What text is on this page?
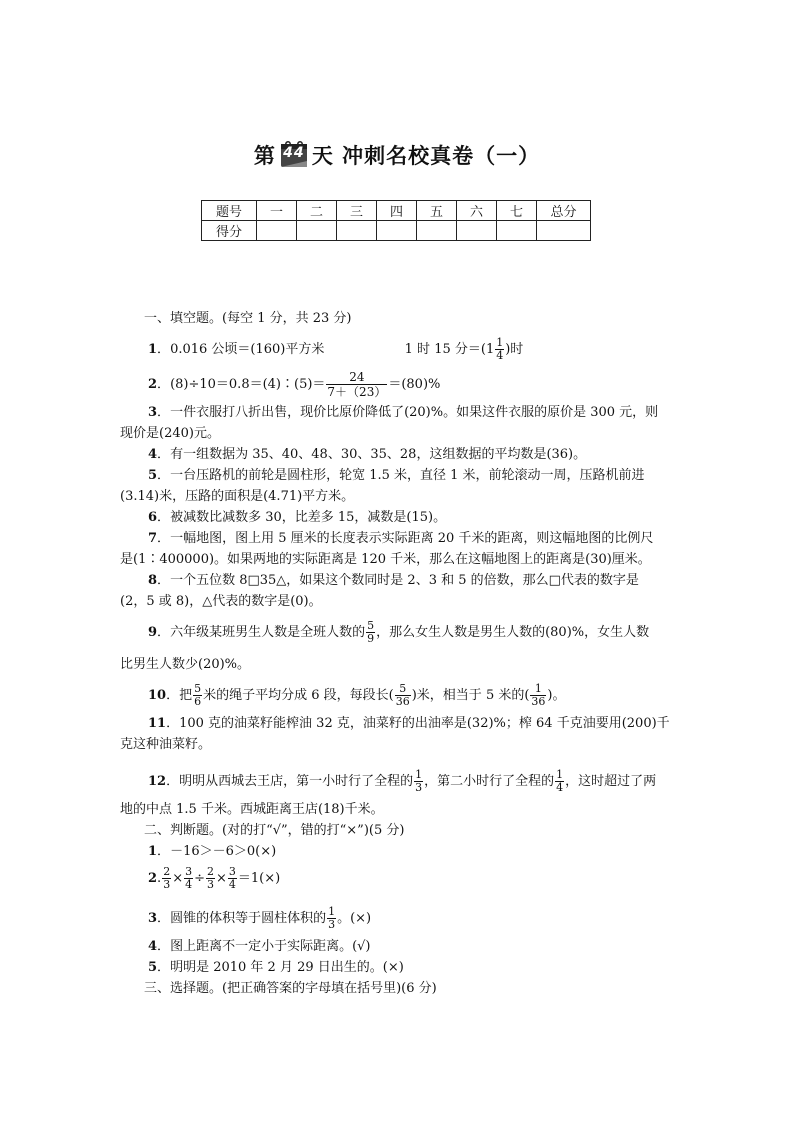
第 44 天 冲刺名校真卷（一）
题号	一	二	三	四	五	六	七	总分
得分								
一、填空题。(每空 1 分，共 23 分)
1．0.016 公顷＝(160)平方米	1 时 15 分$=(1 \frac{1}{4}$ )时
2．(8)÷10＝0.8＝(4)∶(5)＝ $\frac{24}{7+(23)} =(80)\%$
3．一件衣服打八折出售，现价比原价降低了(20)%。如果这件衣服的原价是 300 元，则
现价是(240)元。
4．有一组数据为 35、40、48、30、35、28，这组数据的平均数是(36)。
5．一台压路机的前轮是圆柱形，轮宽 1.5 米，直径 1 米，前轮滚动一周，压路机前进
(3.14)米，压路的面积是(4.71)平方米。
6．被减数比减数多 30，比差多 15，减数是(15)。
7．一幅地图，图上用 5 厘米的长度表示实际距离 20 千米的距离，则这幅地图的比例尺
是(1∶400000)。如果两地的实际距离是 120 千米，那么在这幅地图上的距离是(30)厘米。
8．一个五位数 8□35△，如果这个数同时是 2、3 和 5 的倍数，那么□代表的数字是
(2，5 或 8)，△代表的数字是(0)。
9．六年级某班男生人数是全班人数的 $\frac{5}{9}$ ，那么女生人数是男生人数的(80)%，女生人数
比男生人数少(20)%。
10．把 $\frac{5}{6}$ 米的绳子平均分成 6 段，每段长( $\frac{5}{36}$ )米，相当于 5 米的( $\frac{1}{36}$ )。
11．100 克的油菜籽能榨油 32 克，油菜籽的出油率是(32)%；榨 64 千克油要用(200)千
克这种油菜籽。
12．明明从西城去王店，第一小时行了全程的 $\frac{1}{3}$ ，第二小时行了全程的 $\frac{1}{4}$ ，这时超过了两
地的中点 1.5 千米。西城距离王店(18)千米。
二、判断题。(对的打“√”，错的打“×”)(5 分)
1．－16＞－6＞0(×)
2. $\frac{2}{3} \times \frac{3}{4} \div \frac{2}{3} \times \frac{3}{4} =1(\times)$
3．圆锥的体积等于圆柱体积的 $\frac{1}{3}$ 。(×)
4．图上距离不一定小于实际距离。(√)
5．明明是 2010 年 2 月 29 日出生的。(×)
三、选择题。(把正确答案的字母填在括号里)(6 分)
